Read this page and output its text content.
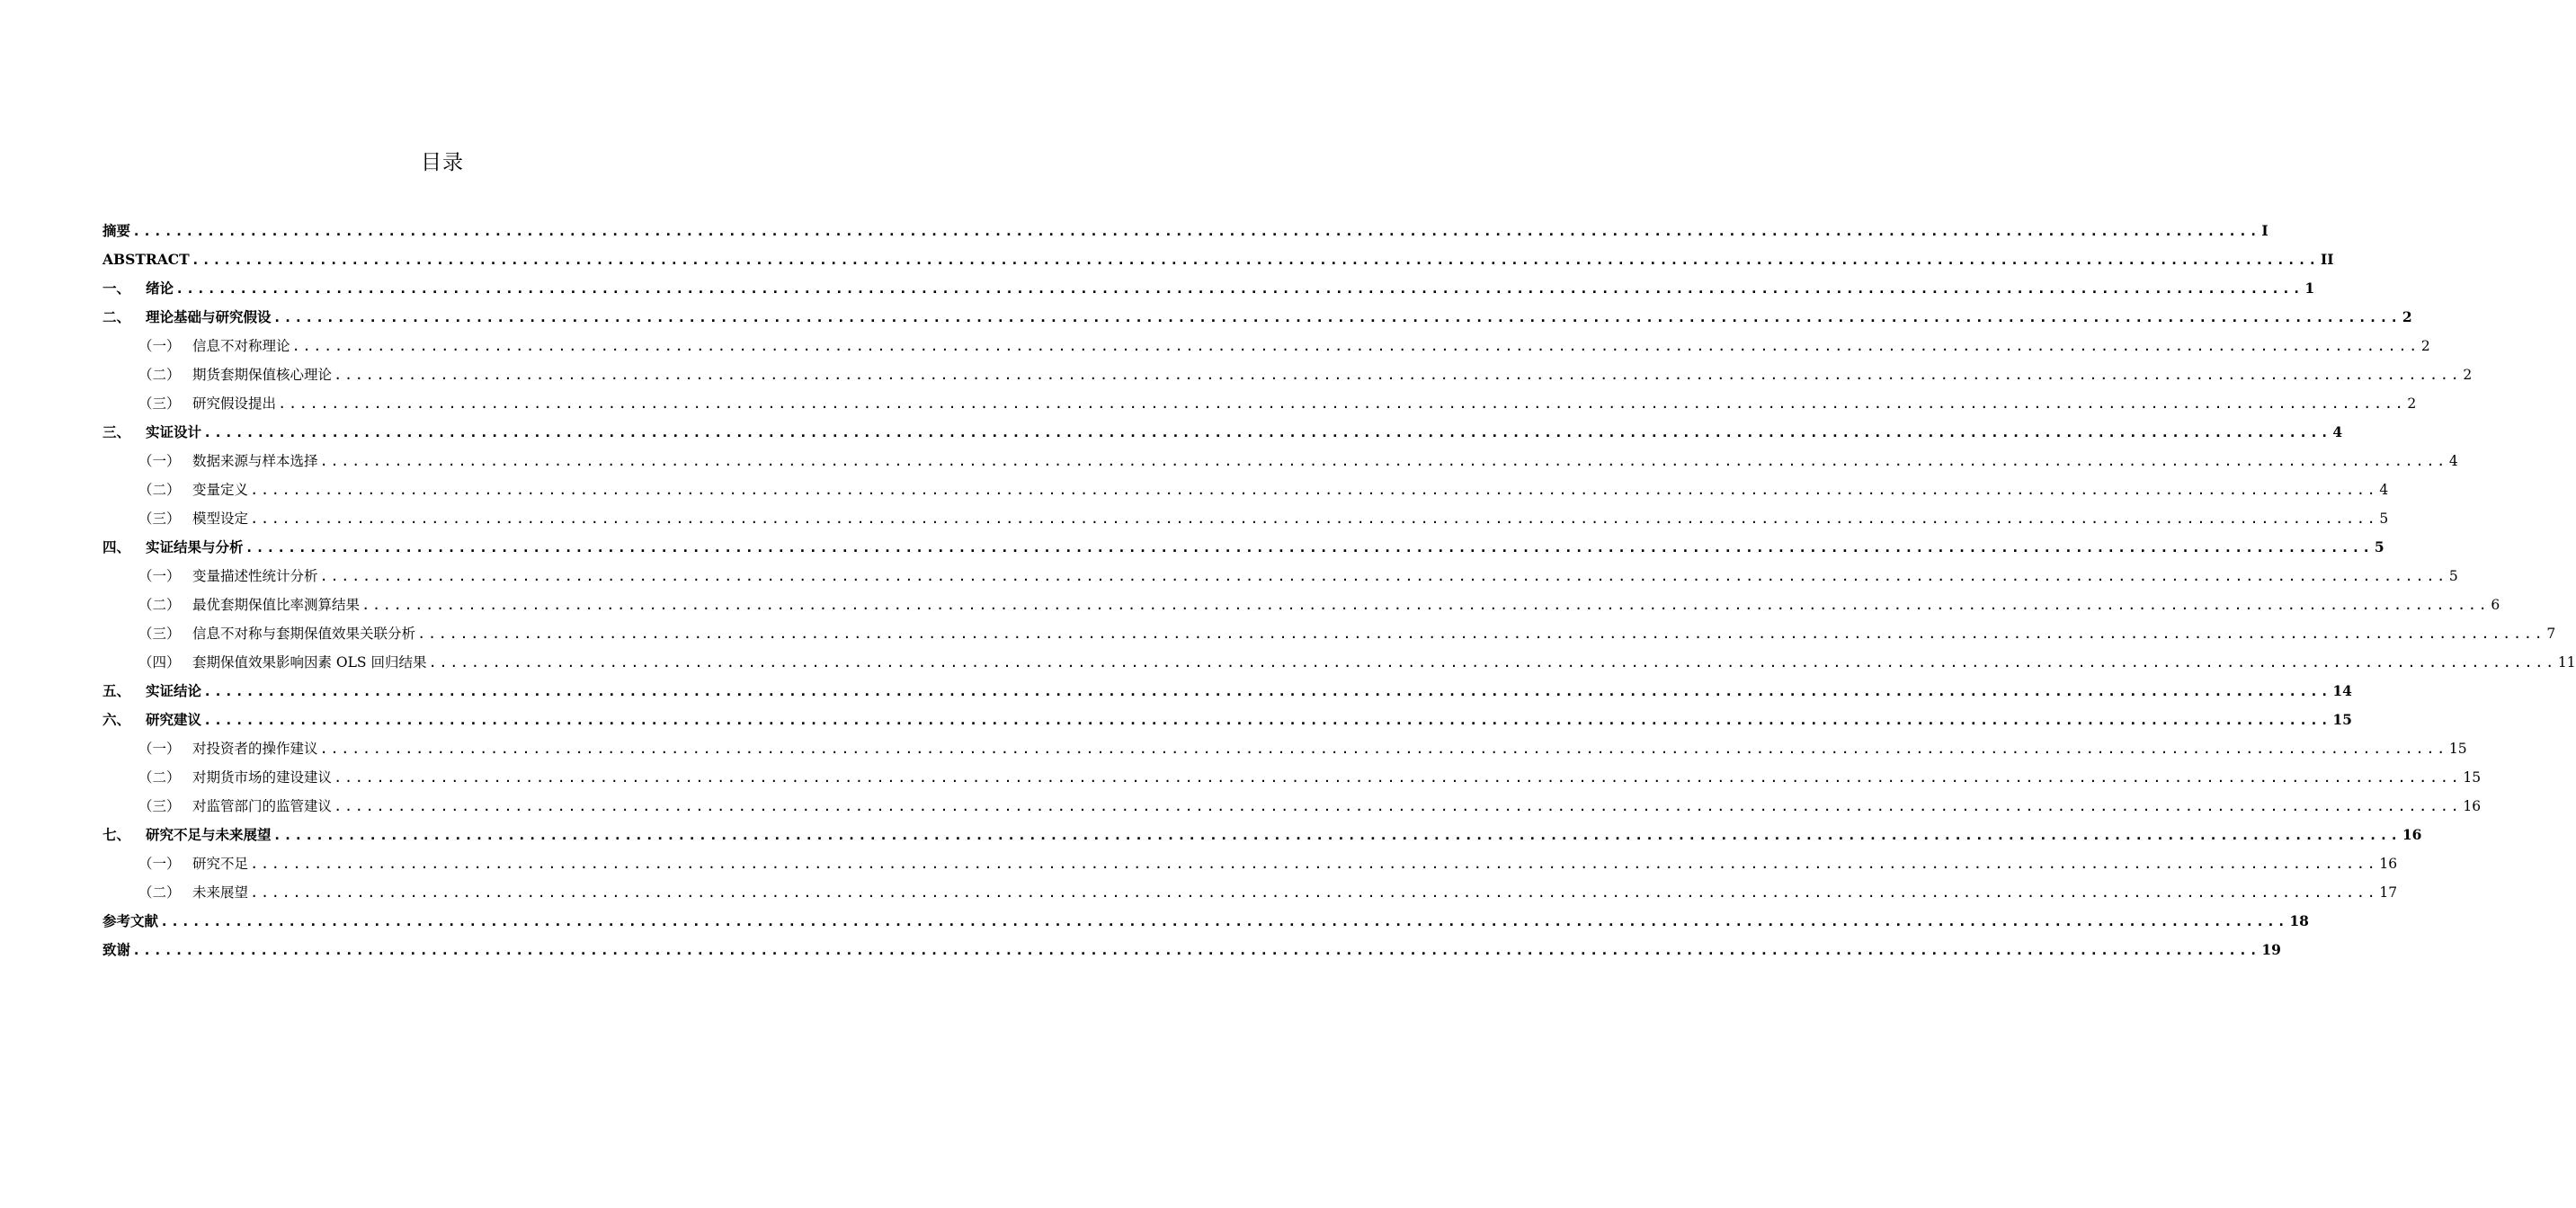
目录
摘要 ........................................................................................................................................................................................................ I
ABSTRACT ........................................................................................................................................................................................................ II
一、	绪论 ........................................................................................................................................................................................................ 1
二、	理论基础与研究假设 ........................................................................................................................................................................................................ 2
（一） 信息不对称理论 ........................................................................................................................................................................................................ 2
（二） 期货套期保值核心理论 ........................................................................................................................................................................................................ 2
（三） 研究假设提出 ........................................................................................................................................................................................................ 2
三、	实证设计 ........................................................................................................................................................................................................ 4
（一） 数据来源与样本选择 ........................................................................................................................................................................................................ 4
（二） 变量定义 ........................................................................................................................................................................................................ 4
（三） 模型设定 ........................................................................................................................................................................................................ 5
四、	实证结果与分析 ........................................................................................................................................................................................................ 5
（一） 变量描述性统计分析 ........................................................................................................................................................................................................ 5
（二） 最优套期保值比率测算结果 ........................................................................................................................................................................................................ 6
（三） 信息不对称与套期保值效果关联分析 ........................................................................................................................................................................................................ 7
（四） 套期保值效果影响因素 OLS 回归结果 ........................................................................................................................................................................................................ 11
五、	实证结论 ........................................................................................................................................................................................................ 14
六、	研究建议 ........................................................................................................................................................................................................ 15
（一） 对投资者的操作建议 ........................................................................................................................................................................................................ 15
（二） 对期货市场的建设建议 ........................................................................................................................................................................................................ 15
（三） 对监管部门的监管建议 ........................................................................................................................................................................................................ 16
七、	研究不足与未来展望 ........................................................................................................................................................................................................ 16
（一） 研究不足 ........................................................................................................................................................................................................ 16
（二） 未来展望 ........................................................................................................................................................................................................ 17
参考文献 ........................................................................................................................................................................................................ 18
致谢 ........................................................................................................................................................................................................ 19
